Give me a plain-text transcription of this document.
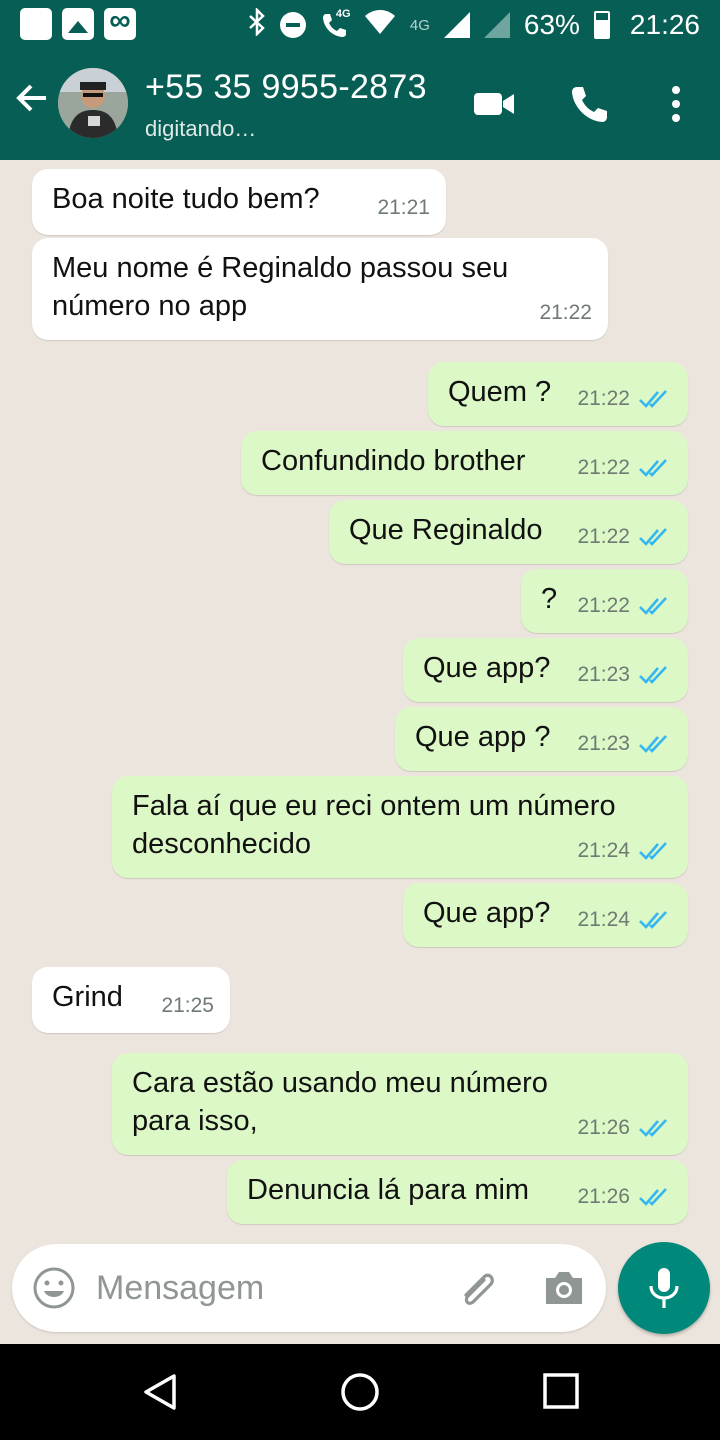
∞
4G
4G	63% 21:26
+55 35 9955-2873
digitando…
Boa noite tudo bem?	21:21
Meu nome é Reginaldo passou seu
número no app	21:22
Quem ? 21:22
Confundindo brother 21:22
Que Reginaldo 21:22
? 21:22
Que app? 21:23
Que app ? 21:23
Fala aí que eu reci ontem um número
desconhecido	21:24
Que app? 21:24
Grind 21:25
Cara estão usando meu número
para isso,	21:26
Denuncia lá para mim 21:26
Mensagem
